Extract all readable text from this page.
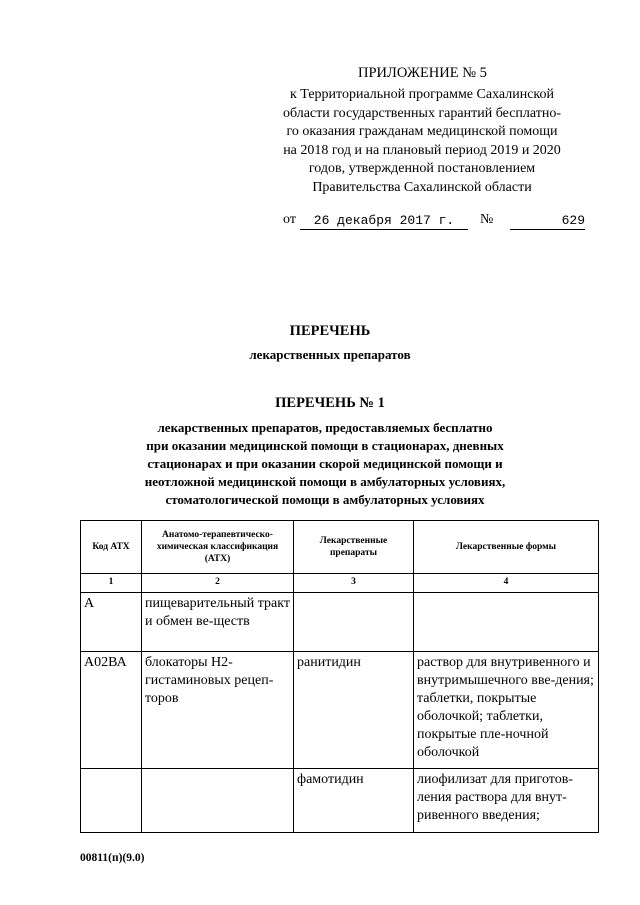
ПРИЛОЖЕНИЕ № 5
к Территориальной программе Сахалинской
области государственных гарантий бесплатно-
го оказания гражданам медицинской помощи
на 2018 год и на плановый период 2019 и 2020
годов, утвержденной постановлением
Правительства Сахалинской области
от	26 декабря 2017 г.	№	629
ПЕРЕЧЕНЬ
лекарственных препаратов
ПЕРЕЧЕНЬ № 1
лекарственных препаратов, предоставляемых бесплатно
при оказании медицинской помощи в стационарах, дневных
стационарах и при оказании скорой медицинской помощи и
неотложной медицинской помощи в амбулаторных условиях,
стоматологической помощи в амбулаторных условиях
Код АТХ	Анатомо-терапевтическо-химическая классификация (АТХ)	Лекарственные препараты	Лекарственные формы
1	2	3	4
А	пищеварительный тракт и обмен ве-ществ		
А02ВА	блокаторы Н2-гистаминовых рецеп-торов	ранитидин	раствор для внутривенного и внутримышечного вве-дения; таблетки, покрытые оболочкой; таблетки, покрытые пле-ночной оболочкой
		фамотидин	лиофилизат для приготов-ления раствора для внут-ривенного введения;
00811(п)(9.0)
